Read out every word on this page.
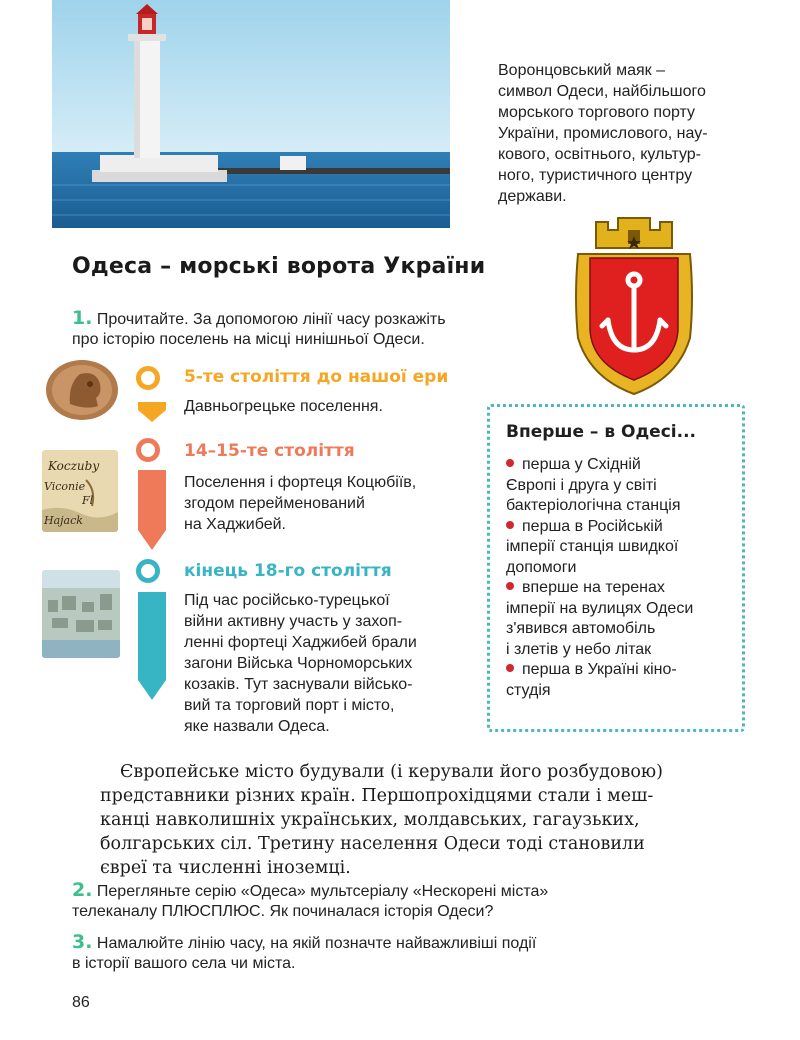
Воронцовський маяк –
символ Одеси, найбільшого
морського торгового порту
України, промислового, нау-
кового, освітнього, культур-
ного, туристичного центру
держави.
Одеса – морські ворота України
1. Прочитайте. За допомогою лінії часу розкажіть
про історію поселень на місці нинішньої Одеси.
Koczuby
Viconie
Fl
Hajack
5-те століття до нашої ери
Давньогрецьке поселення.
14–15-те століття
Поселення і фортеця Коцюбіїв,
згодом перейменований
на Хаджибей.
кінець 18-го століття
Під час російсько-турецької
війни активну участь у захоп-
ленні фортеці Хаджибей брали
загони Війська Чорноморських
козаків. Тут заснували військо-
вий та торговий порт і місто,
яке назвали Одеса.
Вперше – в Одесі...
перша у Східній
Європі і друга у світі
бактеріологічна станція
перша в Російській
імперії станція швидкої
допомоги
вперше на теренах
імперії на вулицях Одеси
з'явився автомобіль
і злетів у небо літак
перша в Україні кіно-
студія
Європейське місто будували (і керували його розбудовою)
представники різних країн. Першопрохідцями стали і меш-
канці навколишніх українських, молдавських, гагаузьких,
болгарських сіл. Третину населення Одеси тоді становили
євреї та численні іноземці.
2. Перегляньте серію «Одеса» мультсеріалу «Нескорені міста»
телеканалу ПЛЮСПЛЮС. Як починалася історія Одеси?
3. Намалюйте лінію часу, на якій позначте найважливіші події
в історії вашого села чи міста.
86
